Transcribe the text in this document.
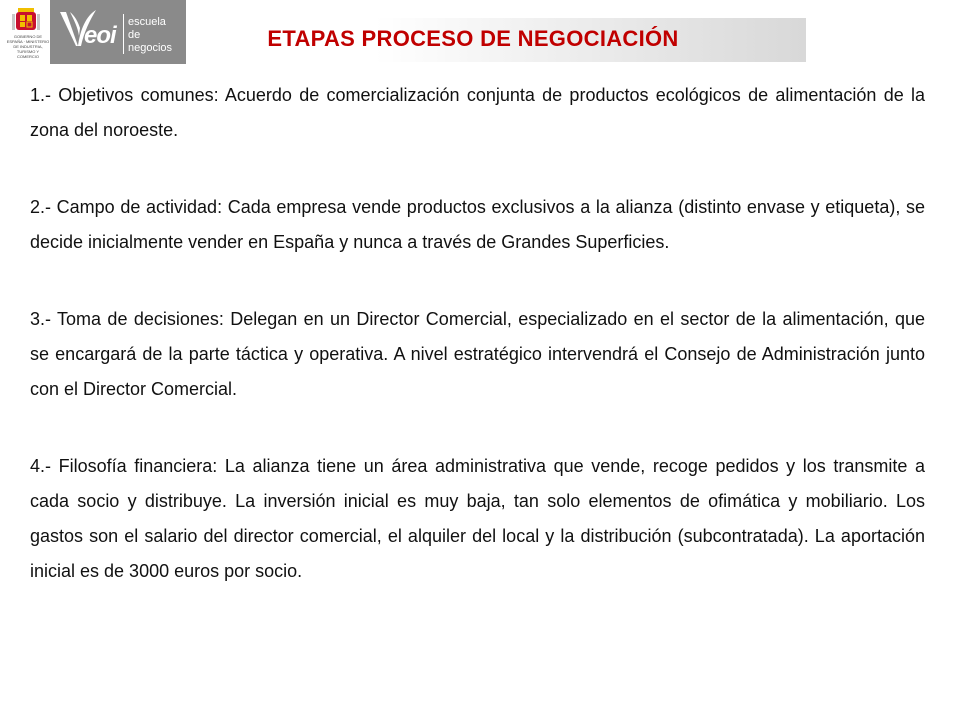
GOBIERNO DE ESPAÑA · MINISTERIO DE INDUSTRIA, TURISMO Y COMERCIO
eoi escuela
de negocios	ETAPAS PROCESO DE NEGOCIACIÓN

1.- Objetivos comunes: Acuerdo de comercialización conjunta de productos ecológicos de alimentación de la zona del noroeste.

2.- Campo de actividad: Cada empresa vende productos exclusivos a la alianza (distinto envase y etiqueta), se decide inicialmente vender en España y nunca a través de Grandes Superficies.

3.- Toma de decisiones: Delegan en un Director Comercial, especializado en el sector de la alimentación, que se encargará de la parte táctica y operativa. A nivel estratégico intervendrá el Consejo de Administración junto con el Director Comercial.

4.- Filosofía financiera: La alianza tiene un área administrativa que vende, recoge pedidos y los transmite a cada socio y distribuye. La inversión inicial es muy baja, tan solo elementos de ofimática y mobiliario. Los gastos son el salario del director comercial, el alquiler del local y la distribución (subcontratada). La aportación inicial es de 3000 euros por socio.
